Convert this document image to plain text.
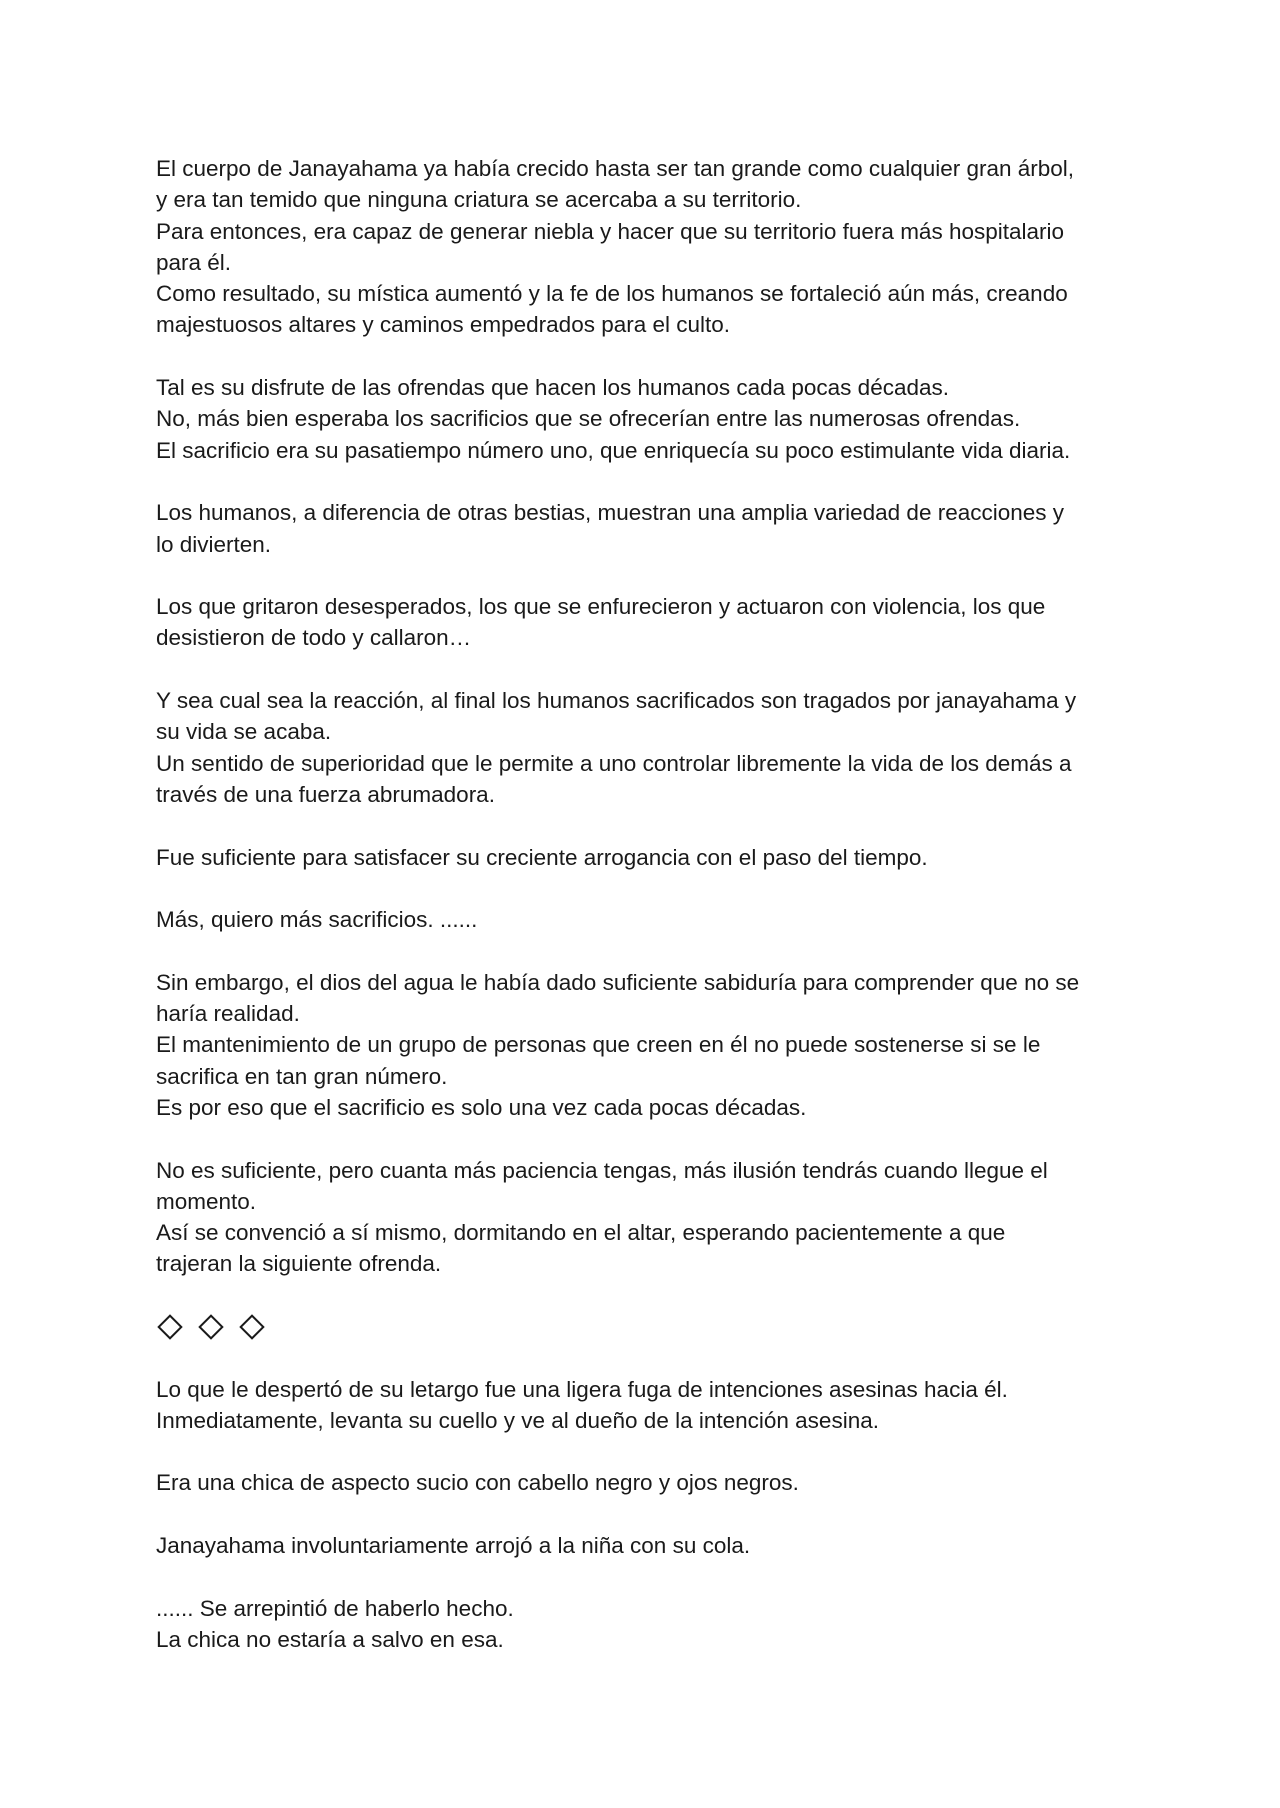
El cuerpo de Janayahama ya había crecido hasta ser tan grande como cualquier gran árbol,
y era tan temido que ninguna criatura se acercaba a su territorio.
Para entonces, era capaz de generar niebla y hacer que su territorio fuera más hospitalario
para él.
Como resultado, su mística aumentó y la fe de los humanos se fortaleció aún más, creando
majestuosos altares y caminos empedrados para el culto.

Tal es su disfrute de las ofrendas que hacen los humanos cada pocas décadas.
No, más bien esperaba los sacrificios que se ofrecerían entre las numerosas ofrendas.
El sacrificio era su pasatiempo número uno, que enriquecía su poco estimulante vida diaria.

Los humanos, a diferencia de otras bestias, muestran una amplia variedad de reacciones y
lo divierten.

Los que gritaron desesperados, los que se enfurecieron y actuaron con violencia, los que
desistieron de todo y callaron…

Y sea cual sea la reacción, al final los humanos sacrificados son tragados por janayahama y
su vida se acaba.
Un sentido de superioridad que le permite a uno controlar libremente la vida de los demás a
través de una fuerza abrumadora.

Fue suficiente para satisfacer su creciente arrogancia con el paso del tiempo.

Más, quiero más sacrificios. ......

Sin embargo, el dios del agua le había dado suficiente sabiduría para comprender que no se
haría realidad.
El mantenimiento de un grupo de personas que creen en él no puede sostenerse si se le
sacrifica en tan gran número.
Es por eso que el sacrificio es solo una vez cada pocas décadas.

No es suficiente, pero cuanta más paciencia tengas, más ilusión tendrás cuando llegue el
momento.
Así se convenció a sí mismo, dormitando en el altar, esperando pacientemente a que
trajeran la siguiente ofrenda.

Lo que le despertó de su letargo fue una ligera fuga de intenciones asesinas hacia él.
Inmediatamente, levanta su cuello y ve al dueño de la intención asesina.

Era una chica de aspecto sucio con cabello negro y ojos negros.

Janayahama involuntariamente arrojó a la niña con su cola.

...... Se arrepintió de haberlo hecho.
La chica no estaría a salvo en esa.
